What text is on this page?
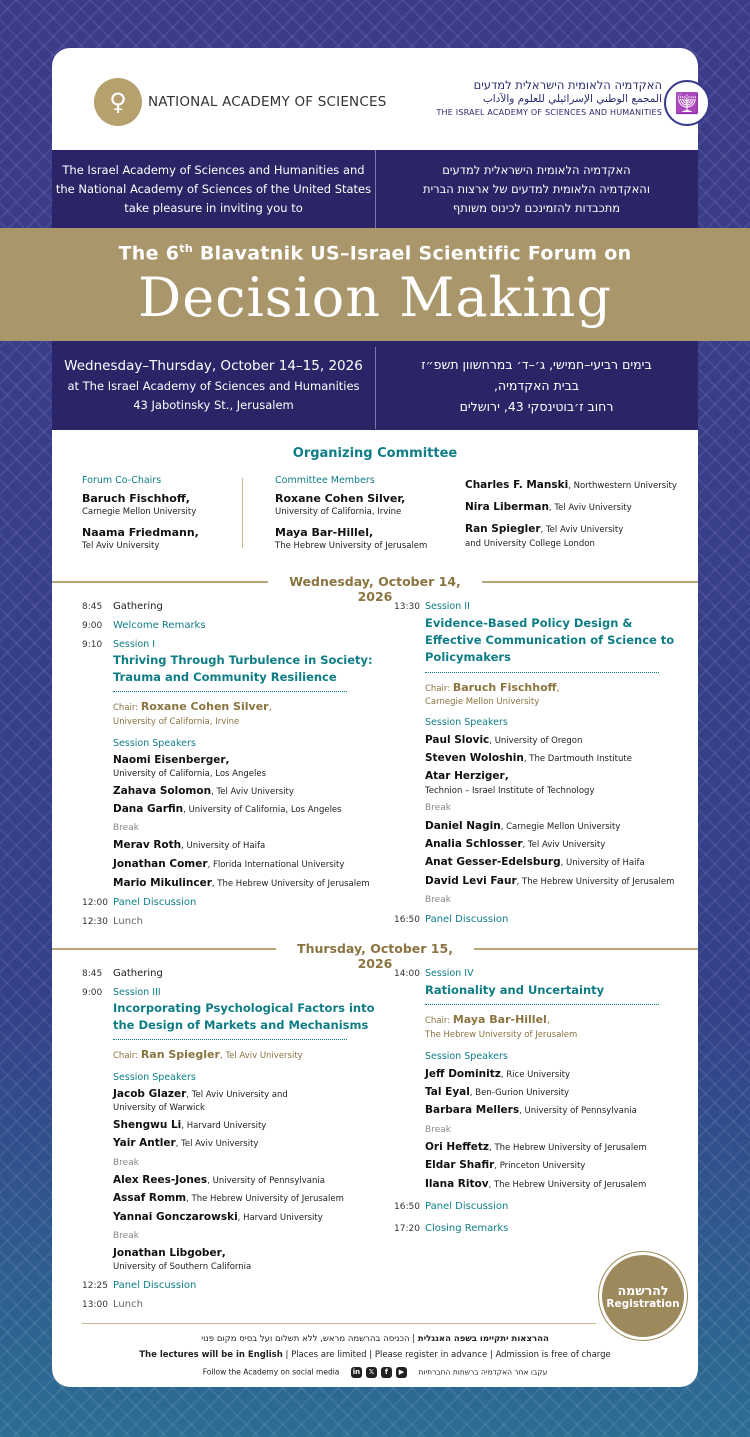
♀	NATIONAL ACADEMY OF SCIENCES
האקדמיה הלאומית הישראלית למדעים
المجمع الوطني الإسرائيلي للعلوم والآداب
THE ISRAEL ACADEMY OF SCIENCES AND HUMANITIES 🕎
The Israel Academy of Sciences and Humanities and
the National Academy of Sciences of the United States
take pleasure in inviting you to
האקדמיה הלאומית הישראלית למדעים
והאקדמיה הלאומית למדעים של ארצות הברית
מתכבדות להזמינכם לכינוס משותף
The 6th Blavatnik US–Israel Scientific Forum on
Decision Making
Wednesday–Thursday, October 14–15, 2026
at The Israel Academy of Sciences and Humanities
43 Jabotinsky St., Jerusalem
בימים רביעי–חמישי, ג׳–ד׳ במרחשוון תשפ״ז
בבית האקדמיה,
רחוב ז׳בוטינסקי 43, ירושלים
Organizing Committee
Forum Co-Chairs
Baruch Fischhoff,
Carnegie Mellon University
Naama Friedmann,
Tel Aviv University
Committee Members
Roxane Cohen Silver,
University of California, Irvine
Maya Bar-Hillel,
The Hebrew University of Jerusalem
Charles F. Manski, Northwestern University
Nira Liberman, Tel Aviv University
Ran Spiegler, Tel Aviv University
and University College London
Wednesday, October 14, 2026
8:45 Gathering
9:00 Welcome Remarks
9:10 Session I
Thriving Through Turbulence in Society:
Trauma and Community Resilience
Chair: Roxane Cohen Silver,
University of California, Irvine
Session Speakers
Naomi Eisenberger,
University of California, Los Angeles
Zahava Solomon, Tel Aviv University
Dana Garfin, University of California, Los Angeles
Break
Merav Roth, University of Haifa
Jonathan Comer, Florida International University
Mario Mikulincer, The Hebrew University of Jerusalem
12:00 Panel Discussion
12:30 Lunch
13:30 Session II
Evidence-Based Policy Design &
Effective Communication of Science to
Policymakers
Chair: Baruch Fischhoff,
Carnegie Mellon University
Session Speakers
Paul Slovic, University of Oregon
Steven Woloshin, The Dartmouth Institute
Atar Herziger,
Technion – Israel Institute of Technology
Break
Daniel Nagin, Carnegie Mellon University
Analia Schlosser, Tel Aviv University
Anat Gesser-Edelsburg, University of Haifa
David Levi Faur, The Hebrew University of Jerusalem
Break
16:50 Panel Discussion
Thursday, October 15, 2026
8:45 Gathering
9:00 Session III
Incorporating Psychological Factors into
the Design of Markets and Mechanisms
Chair: Ran Spiegler, Tel Aviv University
Session Speakers
Jacob Glazer, Tel Aviv University and
University of Warwick
Shengwu Li, Harvard University
Yair Antler, Tel Aviv University
Break
Alex Rees-Jones, University of Pennsylvania
Assaf Romm, The Hebrew University of Jerusalem
Yannai Gonczarowski, Harvard University
Break
Jonathan Libgober,
University of Southern California
12:25 Panel Discussion
13:00 Lunch
14:00 Session IV
Rationality and Uncertainty
Chair: Maya Bar-Hillel,
The Hebrew University of Jerusalem
Session Speakers
Jeff Dominitz, Rice University
Tal Eyal, Ben-Gurion University
Barbara Mellers, University of Pennsylvania
Break
Ori Heffetz, The Hebrew University of Jerusalem
Eldar Shafir, Princeton University
Ilana Ritov, The Hebrew University of Jerusalem
16:50 Panel Discussion
17:20 Closing Remarks
להרשמה
Registration
ההרצאות יתקיימו בשפה האנגלית | הכניסה בהרשמה מראש, ללא תשלום ועל בסיס מקום פנוי
The lectures will be in English | Places are limited | Please register in advance | Admission is free of charge
Follow the Academy on social media in 𝕏 f ▶ עקבו אחר האקדמיה ברשתות החברתיות
